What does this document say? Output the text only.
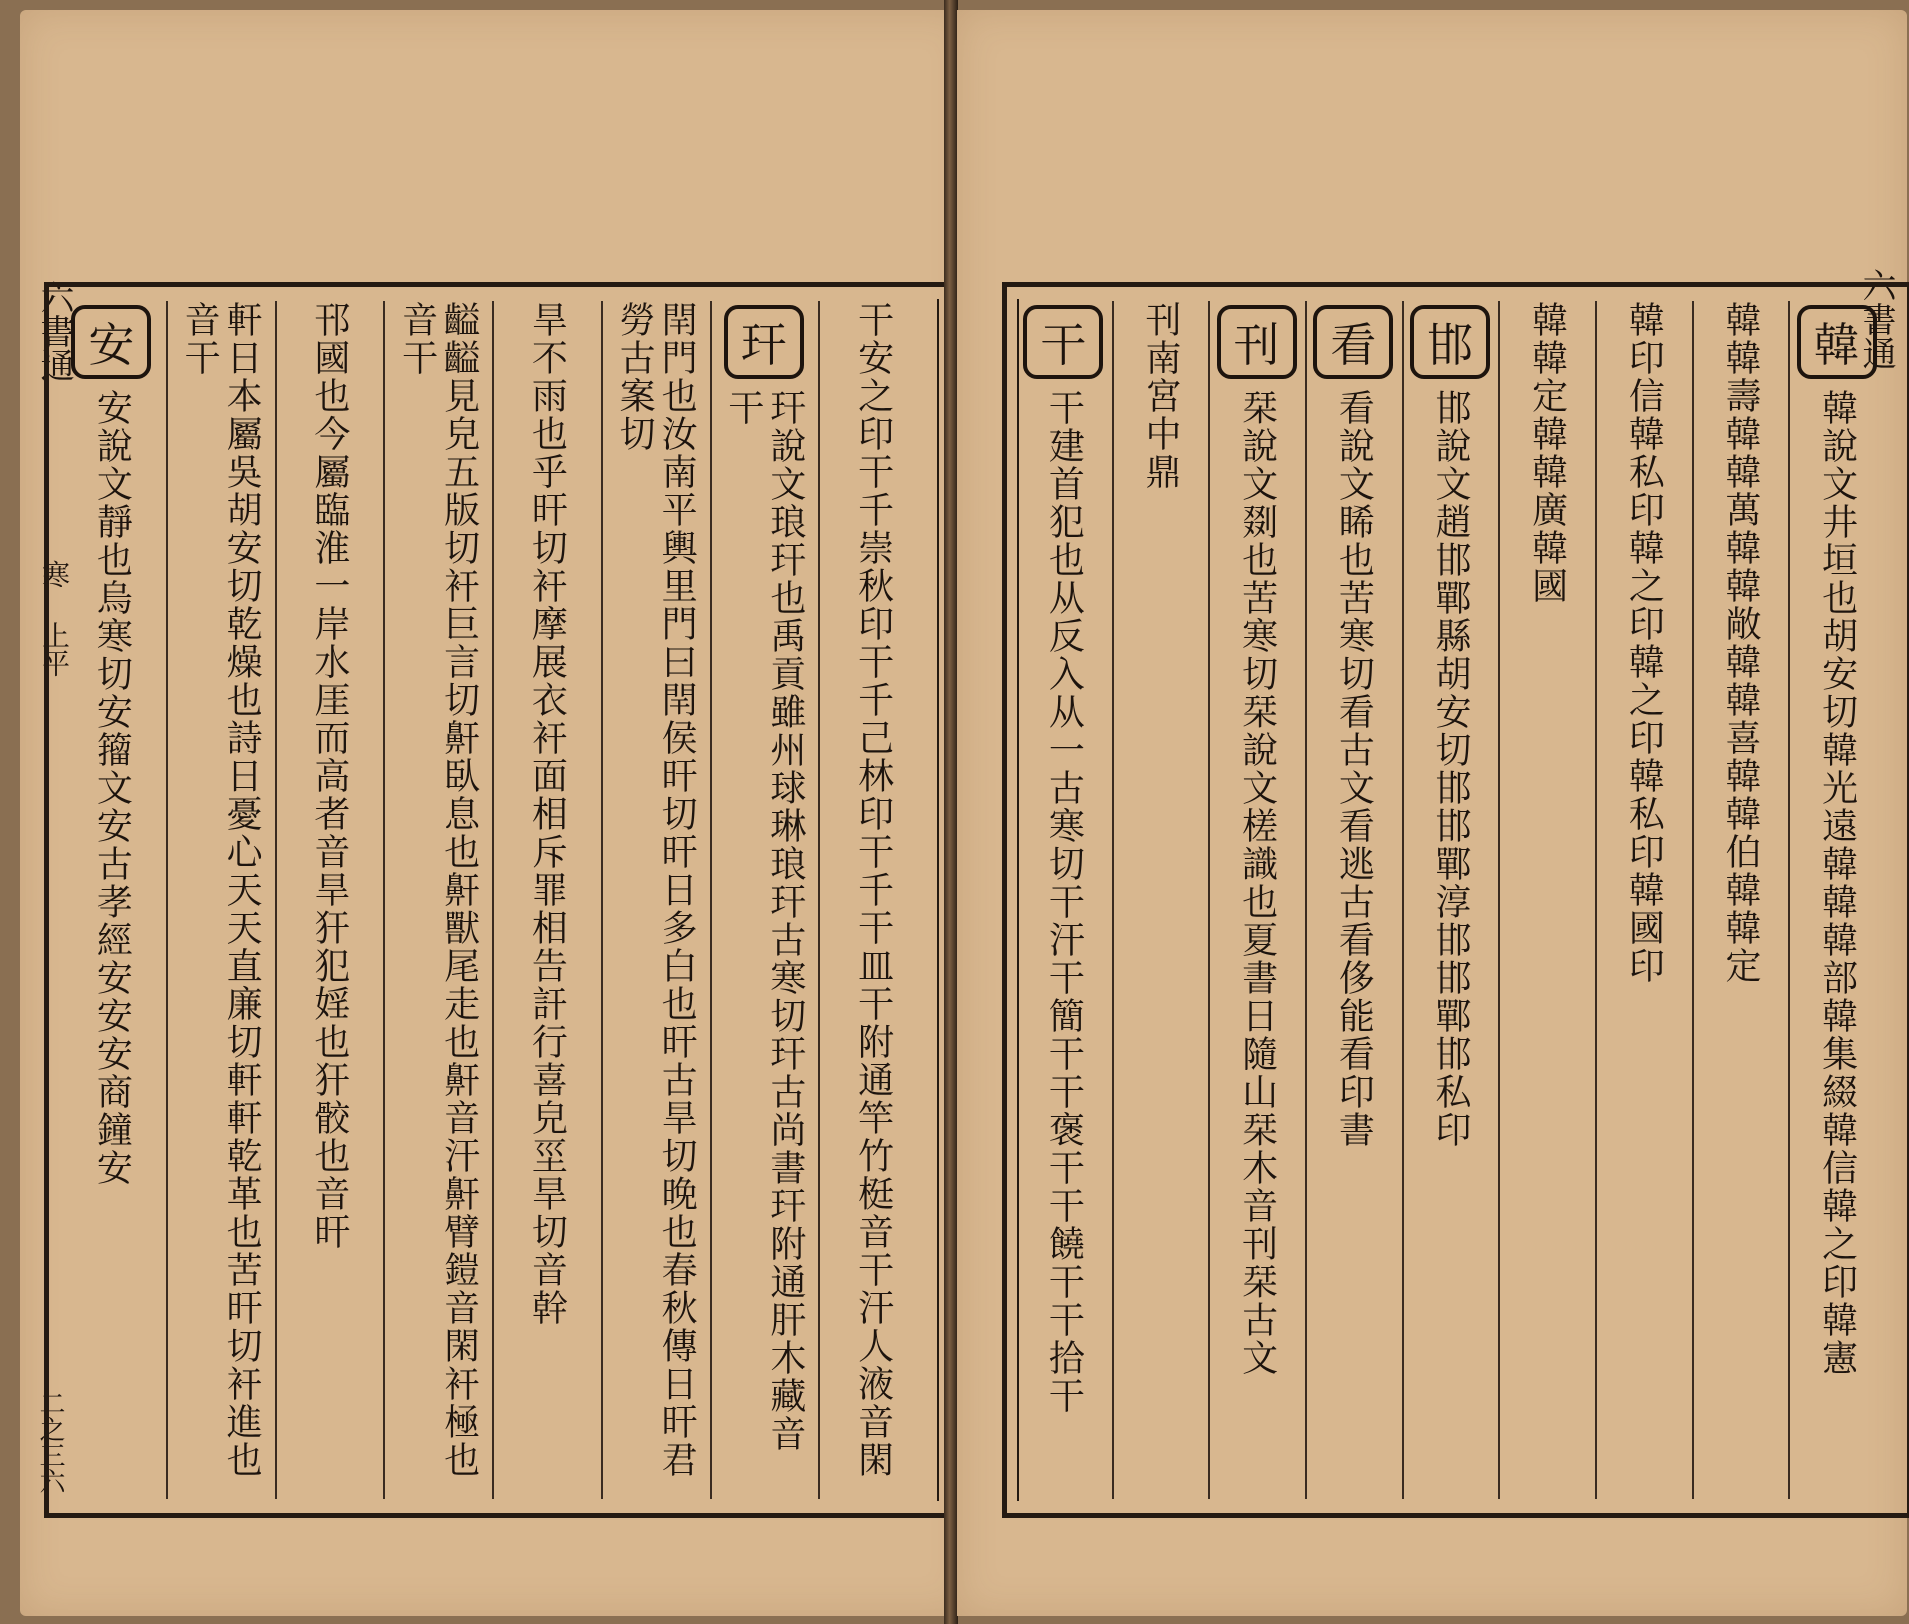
六書通
寒 上平
二之三六	干安之印干千崇秋印干千己林印干千干皿干附通竿竹梃音干汗人液音閑
玕
玕說文琅玕也禹貢雖州球琳琅玕古寒切玕古尚書玕附通肝木藏音干
閈門也汝南平輿里門曰閈侯旰切旰日多白也旰古旱切晚也春秋傳日旰君勞古案切
旱不雨也乎旰切衦摩展衣衦面相斥罪相告訐行喜皃坙旱切音幹
齸齸見皃五版切衦巨言切鼾臥息也鼾獸尾走也鼾音汗鼾臂鎧音閑衦極也音干
邗國也今屬臨淮一岸水厓而高者音旱犴犯婬也犴骹也音旰
軒日本屬吳胡安切乾燥也詩日憂心天天直廉切軒軒乾革也苦旰切衦進也音干
安
安說文靜也烏寒切安籀文安古孝經安安安商鐘安
六書通
韓
韓說文井垣也胡安切韓光遠韓韓韓部韓集綴韓信韓之印韓憲
韓韓壽韓韓萬韓韓敞韓韓喜韓韓伯韓韓定
韓印信韓私印韓之印韓之印韓私印韓國印
韓韓定韓韓廣韓國
邯
邯說文趙邯鄲縣胡安切邯邯鄲淳邯邯鄲邯私印
看
看說文睎也苦寒切看古文看逃古看侈能看印書
刊
栞說文剟也苦寒切栞說文槎識也夏書日隨山栞木音刊栞古文
刊南宮中鼎
干
干建首犯也从反入从一古寒切干汗干簡干干褒干干饒干干拾干
